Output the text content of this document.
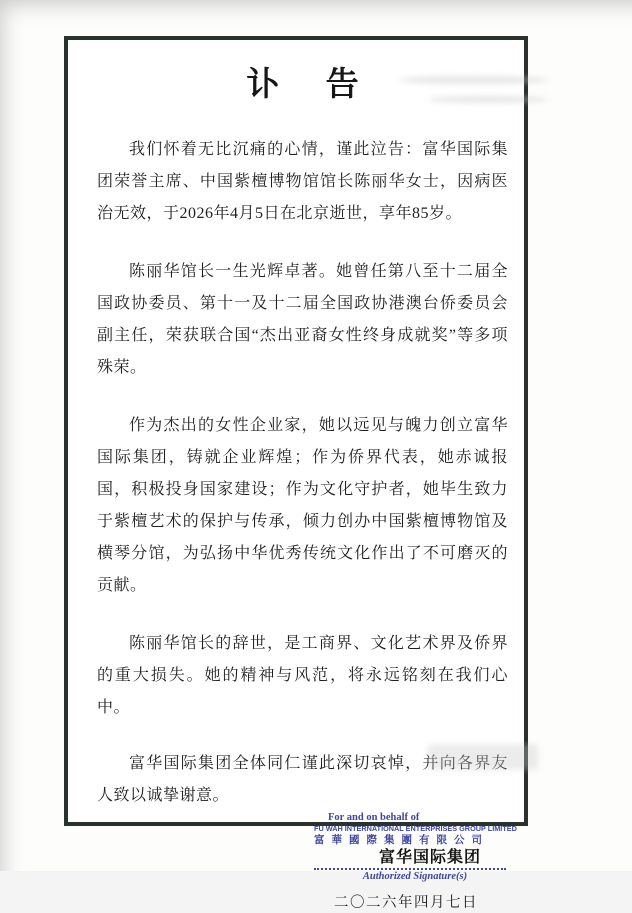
讣告

我们怀着无比沉痛的心情，谨此泣告：富华国际集团荣誉主席、中国紫檀博物馆馆长陈丽华女士，因病医治无效，于2026年4月5日在北京逝世，享年85岁。

陈丽华馆长一生光辉卓著。她曾任第八至十二届全国政协委员、第十一及十二届全国政协港澳台侨委员会副主任，荣获联合国“杰出亚裔女性终身成就奖”等多项殊荣。

作为杰出的女性企业家，她以远见与魄力创立富华国际集团，铸就企业辉煌；作为侨界代表，她赤诚报国，积极投身国家建设；作为文化守护者，她毕生致力于紫檀艺术的保护与传承，倾力创办中国紫檀博物馆及横琴分馆，为弘扬中华优秀传统文化作出了不可磨灭的贡献。

陈丽华馆长的辞世，是工商界、文化艺术界及侨界的重大损失。她的精神与风范，将永远铭刻在我们心中。

富华国际集团全体同仁谨此深切哀悼，并向各界友人致以诚挚谢意。

For and on behalf of
FU WAH INTERNATIONAL ENTERPRISES GROUP LIMITED
富華國際集團有限公司
富华国际集团
Authorized Signature(s)
二〇二六年四月七日
